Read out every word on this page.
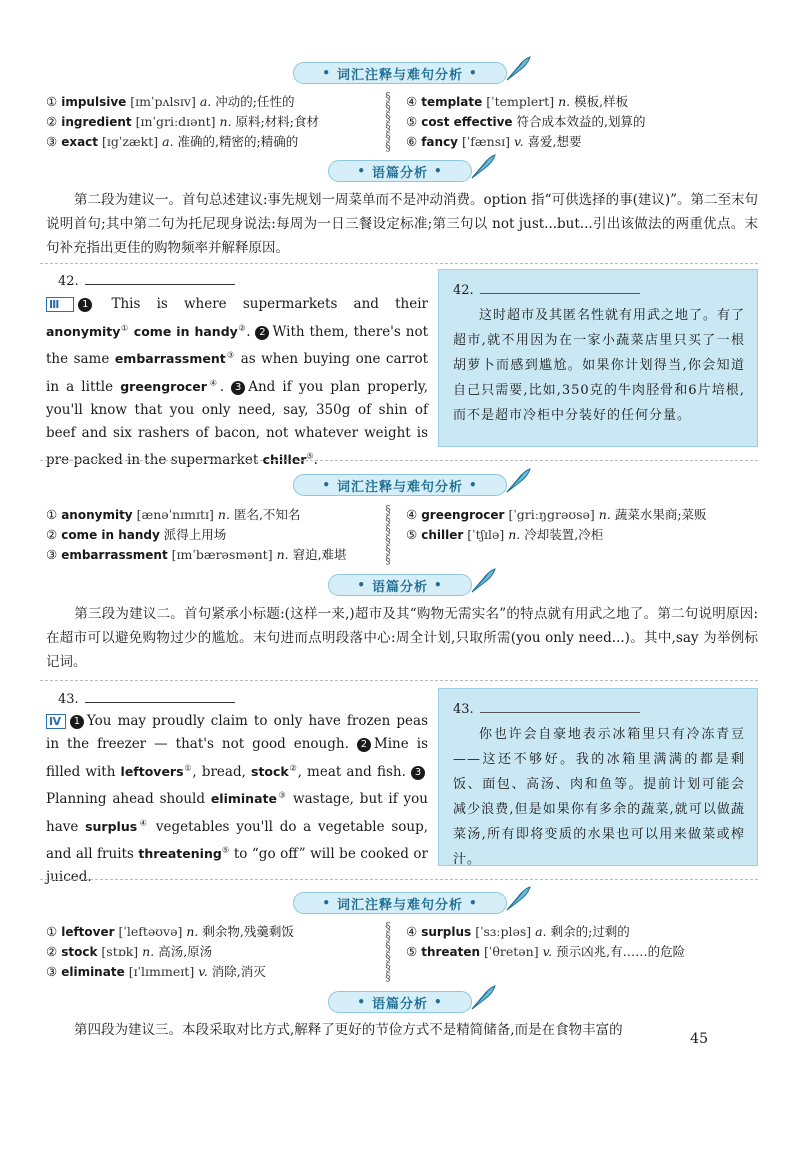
• 词汇注释与难句分析 •
① impulsive [ɪmˈpʌlsɪv] a. 冲动的;任性的
② ingredient [ɪnˈgriːdɪənt] n. 原料;材料;食材
③ exact [ɪgˈzækt] a. 准确的,精密的;精确的
§
§
§
§
§
§
④ template [ˈtemplert] n. 模板,样板
⑤ cost effective 符合成本效益的,划算的
⑥ fancy [ˈfænsɪ] v. 喜爱,想要
• 语篇分析 •
第二段为建议一。首句总述建议:事先规划一周菜单而不是冲动消费。option 指“可供选择的事(建议)”。第二至末句说明首句;其中第二句为托尼现身说法:每周为一日三餐设定标准;第三句以 not just...but...引出该做法的两重优点。末句补充指出更佳的购物频率并解释原因。
42.
Ⅲ 1 This is where supermarkets and their anonymity① come in handy②. 2 With them, there's not the same embarrassment③ as when buying one carrot in a little greengrocer④. 3 And if you plan properly, you'll know that you only need, say, 350g of shin of beef and six rashers of bacon, not whatever weight is pre-packed in the supermarket chiller⑤.
42.
这时超市及其匿名性就有用武之地了。有了超市,就不用因为在一家小蔬菜店里只买了一根胡萝卜而感到尴尬。如果你计划得当,你会知道自己只需要,比如,350克的牛肉胫骨和6片培根,而不是超市冷柜中分装好的任何分量。
• 词汇注释与难句分析 •
① anonymity [ænəˈnɪmɪtɪ] n. 匿名,不知名
② come in handy 派得上用场
③ embarrassment [ɪmˈbærəsmənt] n. 窘迫,难堪
§
§
§
§
§
§
④ greengrocer [ˈgriːŋgrəʊsə] n. 蔬菜水果商;菜贩
⑤ chiller [ˈtʃɪlə] n. 冷却装置,冷柜
• 语篇分析 •
第三段为建议二。首句紧承小标题:(这样一来,)超市及其“购物无需实名”的特点就有用武之地了。第二句说明原因:在超市可以避免购物过少的尴尬。末句进而点明段落中心:周全计划,只取所需(you only need...)。其中,say 为举例标记词。
43.
Ⅳ 1 You may proudly claim to only have frozen peas in the freezer — that's not good enough. 2 Mine is filled with leftovers①, bread, stock②, meat and fish. 3 Planning ahead should eliminate③ wastage, but if you have surplus④ vegetables you'll do a vegetable soup, and all fruits threatening⑤ to “go off” will be cooked or juiced.
43.
你也许会自豪地表示冰箱里只有冷冻青豆——这还不够好。我的冰箱里满满的都是剩饭、面包、高汤、肉和鱼等。提前计划可能会减少浪费,但是如果你有多余的蔬菜,就可以做蔬菜汤,所有即将变质的水果也可以用来做菜或榨汁。
• 词汇注释与难句分析 •
① leftover [ˈleftəʊvə] n. 剩余物,残羹剩饭
② stock [stɒk] n. 高汤,原汤
③ eliminate [ɪˈlɪmɪneɪt] v. 消除,消灭
§
§
§
§
§
§
④ surplus [ˈsɜːpləs] a. 剩余的;过剩的
⑤ threaten [ˈθretən] v. 预示凶兆,有……的危险
• 语篇分析 •
第四段为建议三。本段采取对比方式,解释了更好的节俭方式不是精简储备,而是在食物丰富的
45
